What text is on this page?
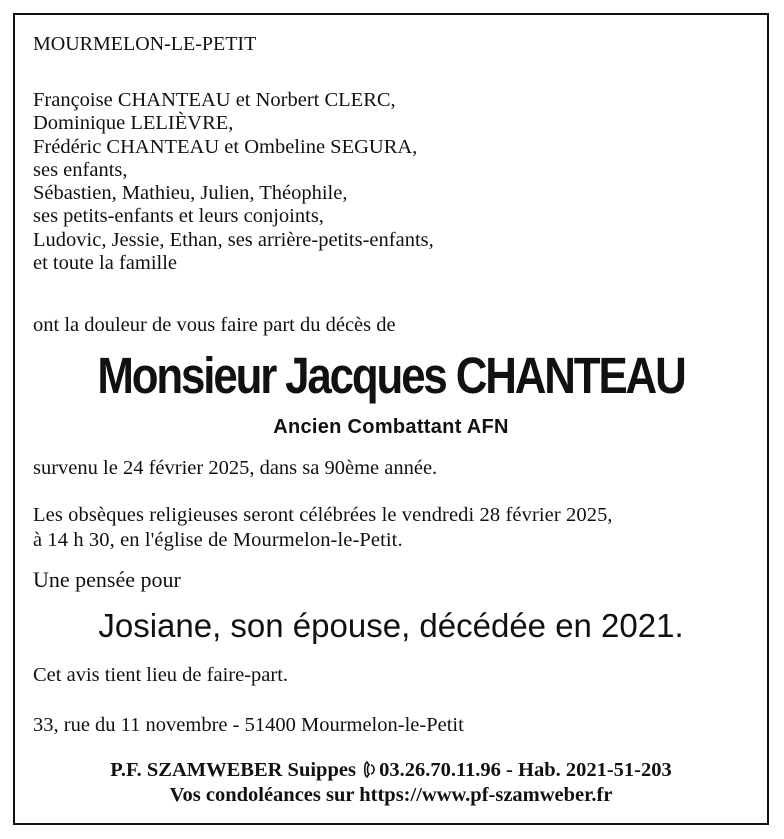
MOURMELON-LE-PETIT
Françoise CHANTEAU et Norbert CLERC,
Dominique LELIÈVRE,
Frédéric CHANTEAU et Ombeline SEGURA,
ses enfants,
Sébastien, Mathieu, Julien, Théophile,
ses petits-enfants et leurs conjoints,
Ludovic, Jessie, Ethan, ses arrière-petits-enfants,
et toute la famille
ont la douleur de vous faire part du décès de
Monsieur Jacques CHANTEAU
Ancien Combattant AFN
survenu le 24 février 2025, dans sa 90ème année.
Les obsèques religieuses seront célébrées le vendredi 28 février 2025,
à 14 h 30, en l'église de Mourmelon-le-Petit.
Une pensée pour
Josiane, son épouse, décédée en 2021.
Cet avis tient lieu de faire-part.
33, rue du 11 novembre - 51400 Mourmelon-le-Petit
P.F. SZAMWEBER Suippes 03.26.70.11.96 - Hab. 2021-51-203
Vos condoléances sur https://www.pf-szamweber.fr
